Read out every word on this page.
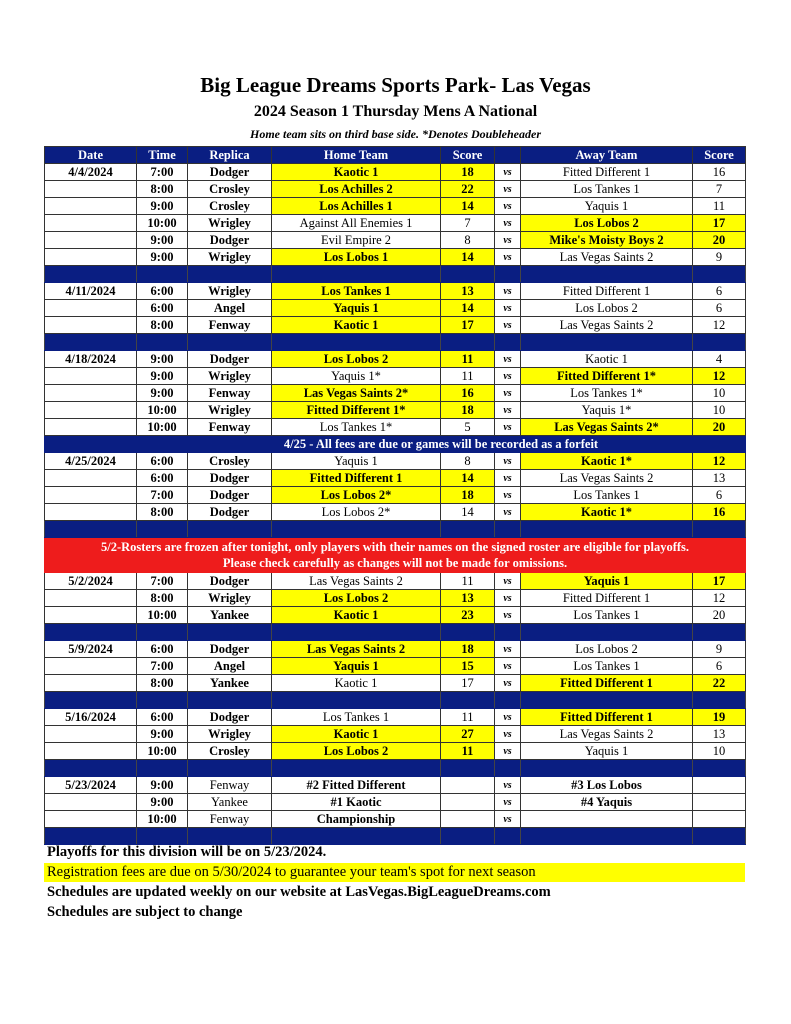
Big League Dreams Sports Park- Las Vegas
2024 Season 1 Thursday Mens A National
Home team sits on third base side. *Denotes Doubleheader
Date	Time	Replica	Home Team	Score		Away Team	Score
4/4/2024	7:00	Dodger	Kaotic 1	18	vs	Fitted Different 1	16
	8:00	Crosley	Los Achilles 2	22	vs	Los Tankes 1	7
	9:00	Crosley	Los Achilles 1	14	vs	Yaquis 1	11
	10:00	Wrigley	Against All Enemies 1	7	vs	Los Lobos 2	17
	9:00	Dodger	Evil Empire 2	8	vs	Mike's Moisty Boys 2	20
	9:00	Wrigley	Los Lobos 1	14	vs	Las Vegas Saints 2	9

4/11/2024	6:00	Wrigley	Los Tankes 1	13	vs	Fitted Different 1	6
	6:00	Angel	Yaquis 1	14	vs	Los Lobos 2	6
	8:00	Fenway	Kaotic 1	17	vs	Las Vegas Saints 2	12

4/18/2024	9:00	Dodger	Los Lobos 2	11	vs	Kaotic 1	4
	9:00	Wrigley	Yaquis 1*	11	vs	Fitted Different 1*	12
	9:00	Fenway	Las Vegas Saints 2*	16	vs	Los Tankes 1*	10
	10:00	Wrigley	Fitted Different 1*	18	vs	Yaquis 1*	10
	10:00	Fenway	Los Tankes 1*	5	vs	Las Vegas Saints 2*	20
	4/25 - All fees are due or games will be recorded as a forfeit						
4/25/2024	6:00	Crosley	Yaquis 1	8	vs	Kaotic 1*	12
	6:00	Dodger	Fitted Different 1	14	vs	Las Vegas Saints 2	13
	7:00	Dodger	Los Lobos 2*	18	vs	Los Tankes 1	6
	8:00	Dodger	Los Lobos 2*	14	vs	Kaotic 1*	16

5/2-Rosters are frozen after tonight, only players with their names on the signed roster are eligible for playoffs.
Please check carefully as changes will not be made for omissions.							

5/2/2024	7:00	Dodger	Las Vegas Saints 2	11	vs	Yaquis 1	17
	8:00	Wrigley	Los Lobos 2	13	vs	Fitted Different 1	12
	10:00	Yankee	Kaotic 1	23	vs	Los Tankes 1	20

5/9/2024	6:00	Dodger	Las Vegas Saints 2	18	vs	Los Lobos 2	9
	7:00	Angel	Yaquis 1	15	vs	Los Tankes 1	6
	8:00	Yankee	Kaotic 1	17	vs	Fitted Different 1	22

5/16/2024	6:00	Dodger	Los Tankes 1	11	vs	Fitted Different 1	19
	9:00	Wrigley	Kaotic 1	27	vs	Las Vegas Saints 2	13
	10:00	Crosley	Los Lobos 2	11	vs	Yaquis 1	10

5/23/2024	9:00	Fenway	#2 Fitted Different		vs	#3 Los Lobos	
	9:00	Yankee	#1 Kaotic		vs	#4 Yaquis	
	10:00	Fenway	Championship		vs		

Playoffs for this division will be on 5/23/2024.
Registration fees are due on 5/30/2024 to guarantee your team's spot for next season
Schedules are updated weekly on our website at LasVegas.BigLeagueDreams.com
Schedules are subject to change
